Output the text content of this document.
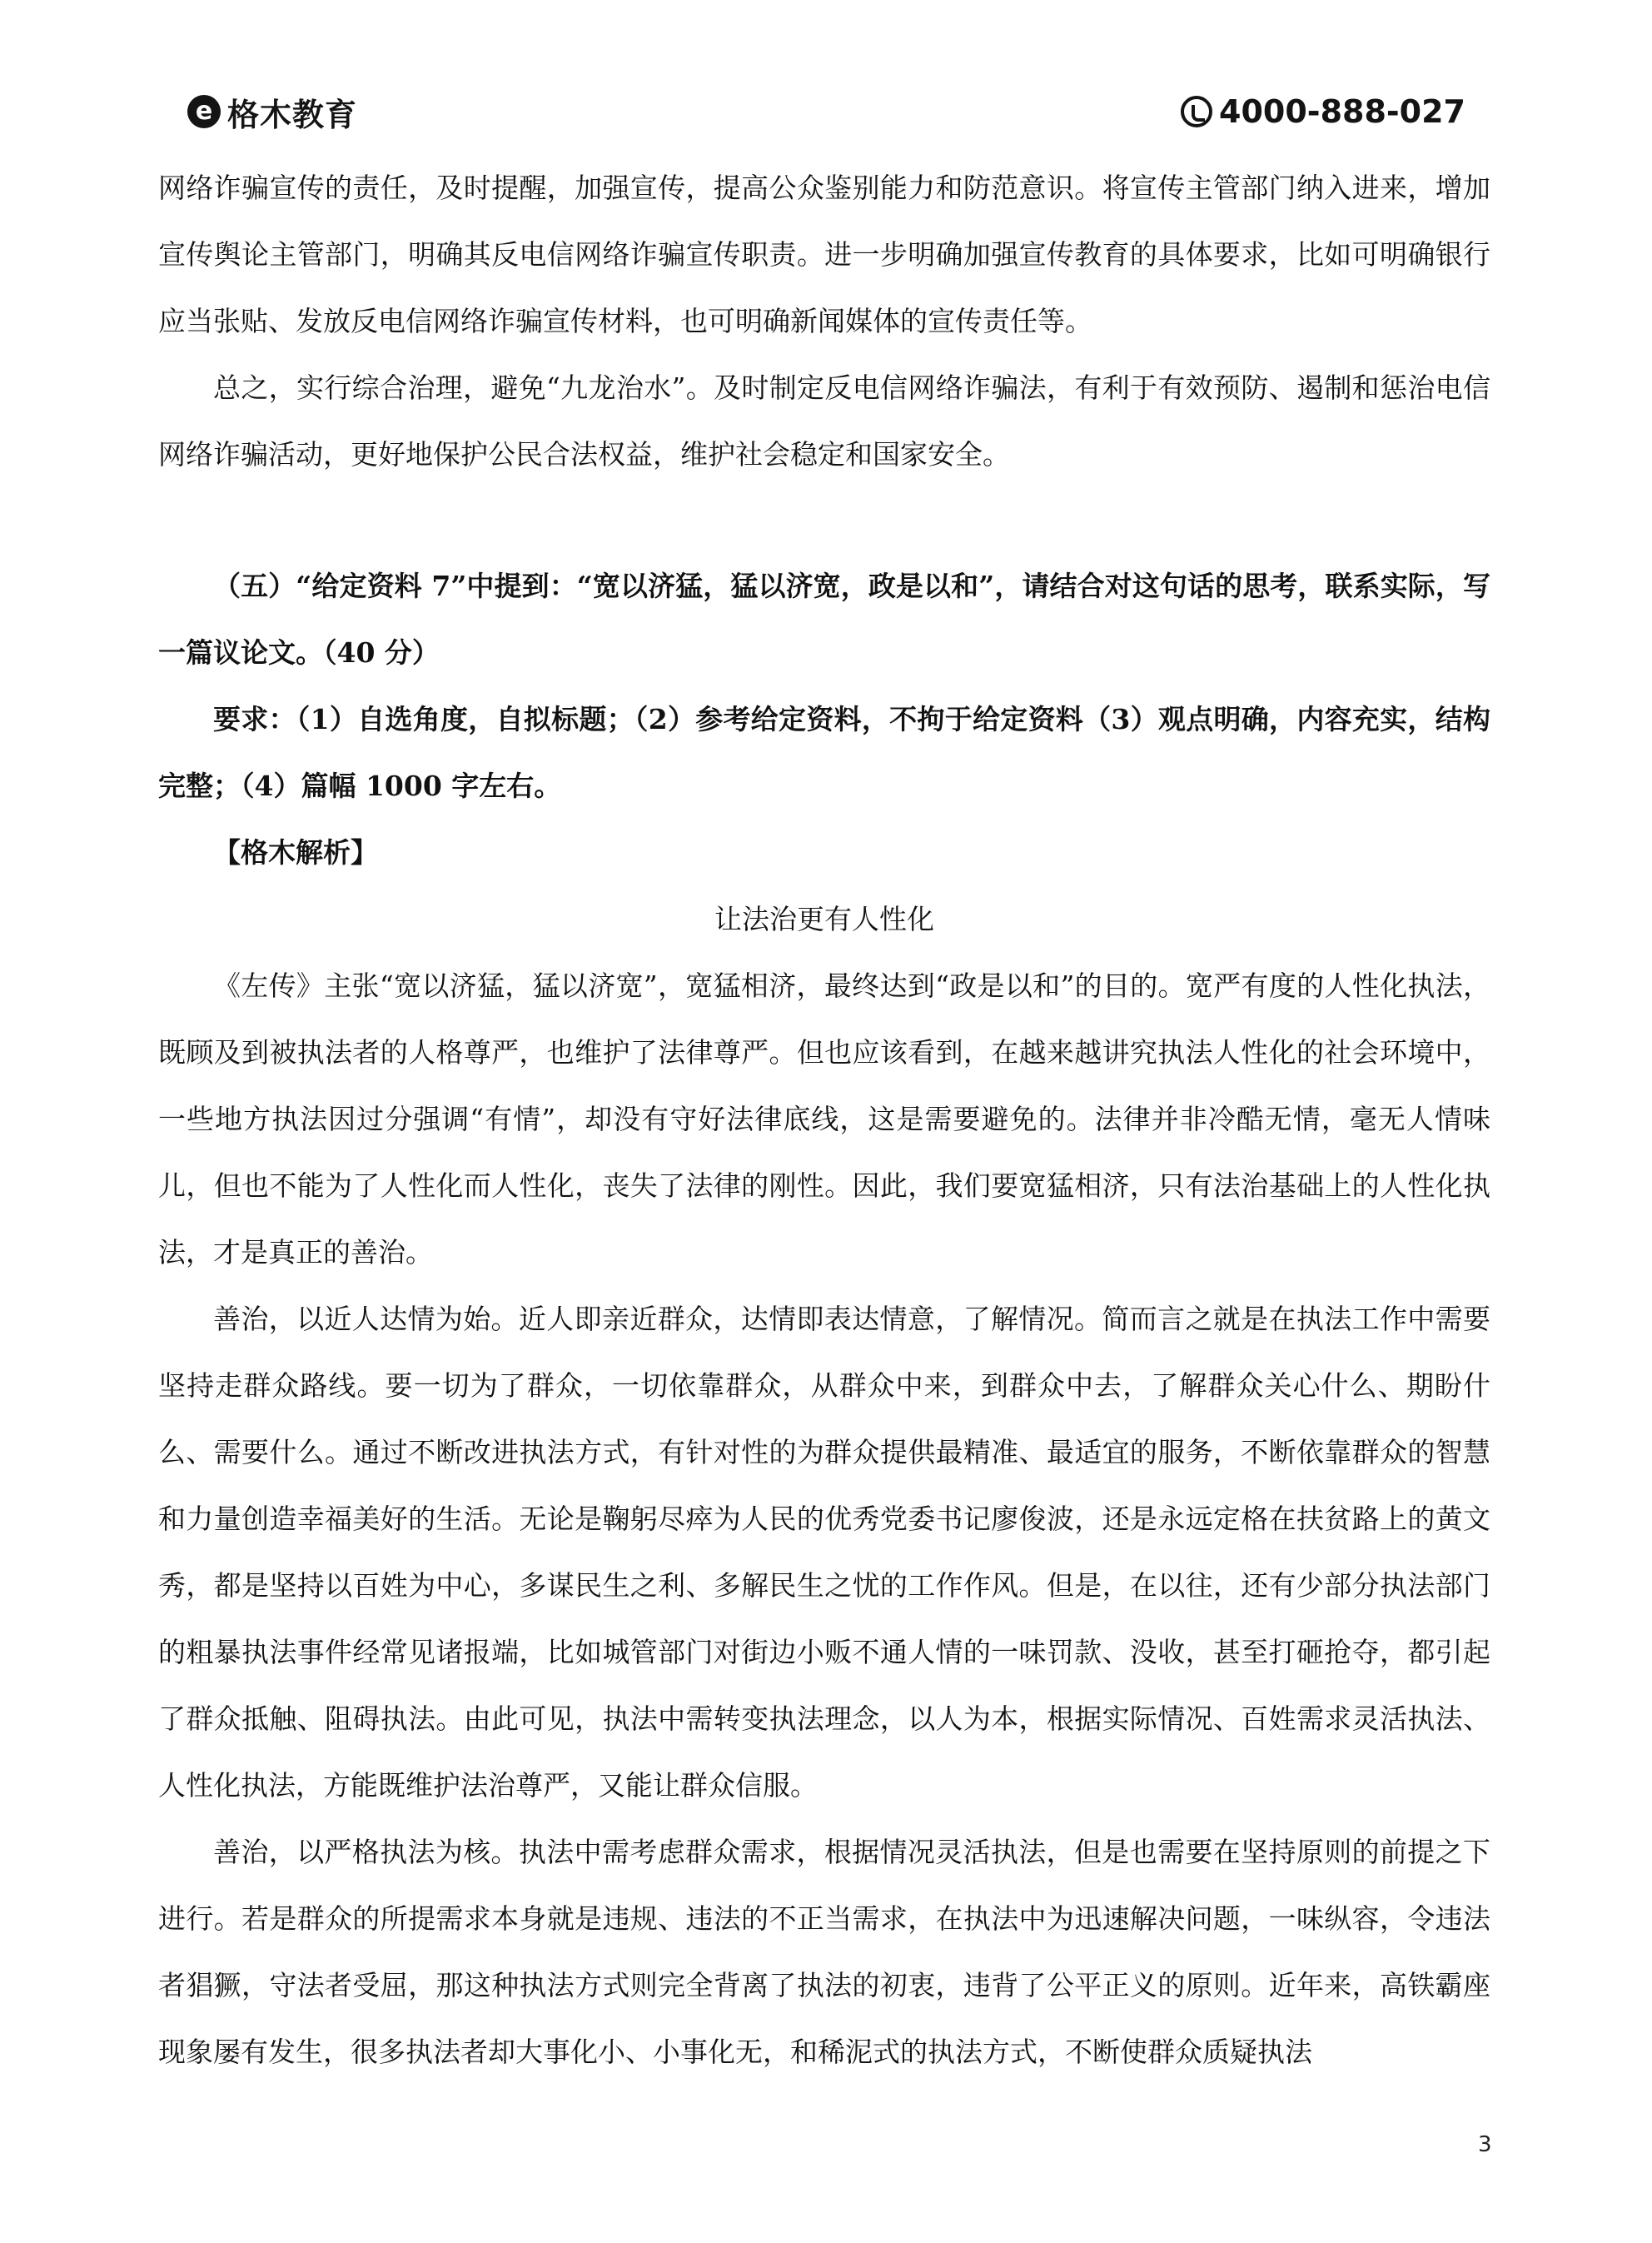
e 格木教育	4000-888-027

网络诈骗宣传的责任，及时提醒，加强宣传，提高公众鉴别能力和防范意识。将宣传主管部门纳入进来，增加宣传舆论主管部门，明确其反电信网络诈骗宣传职责。进一步明确加强宣传教育的具体要求，比如可明确银行应当张贴、发放反电信网络诈骗宣传材料，也可明确新闻媒体的宣传责任等。

总之，实行综合治理，避免“九龙治水”。及时制定反电信网络诈骗法，有利于有效预防、遏制和惩治电信网络诈骗活动，更好地保护公民合法权益，维护社会稳定和国家安全。

（五）“给定资料 7”中提到：“宽以济猛，猛以济宽，政是以和”，请结合对这句话的思考，联系实际，写一篇议论文。（40 分）

要求：（1）自选角度，自拟标题；（2）参考给定资料，不拘于给定资料（3）观点明确，内容充实，结构完整；（4）篇幅 1000 字左右。

【格木解析】

让法治更有人性化

《左传》主张“宽以济猛，猛以济宽”，宽猛相济，最终达到“政是以和”的目的。宽严有度的人性化执法，既顾及到被执法者的人格尊严，也维护了法律尊严。但也应该看到，在越来越讲究执法人性化的社会环境中，一些地方执法因过分强调“有情”，却没有守好法律底线，这是需要避免的。法律并非冷酷无情，毫无人情味儿，但也不能为了人性化而人性化，丧失了法律的刚性。因此，我们要宽猛相济，只有法治基础上的人性化执法，才是真正的善治。

善治，以近人达情为始。近人即亲近群众，达情即表达情意，了解情况。简而言之就是在执法工作中需要坚持走群众路线。要一切为了群众，一切依靠群众，从群众中来，到群众中去，了解群众关心什么、期盼什么、需要什么。通过不断改进执法方式，有针对性的为群众提供最精准、最适宜的服务，不断依靠群众的智慧和力量创造幸福美好的生活。无论是鞠躬尽瘁为人民的优秀党委书记廖俊波，还是永远定格在扶贫路上的黄文秀，都是坚持以百姓为中心，多谋民生之利、多解民生之忧的工作作风。但是，在以往，还有少部分执法部门的粗暴执法事件经常见诸报端，比如城管部门对街边小贩不通人情的一味罚款、没收，甚至打砸抢夺，都引起了群众抵触、阻碍执法。由此可见，执法中需转变执法理念，以人为本，根据实际情况、百姓需求灵活执法、人性化执法，方能既维护法治尊严，又能让群众信服。

善治，以严格执法为核。执法中需考虑群众需求，根据情况灵活执法，但是也需要在坚持原则的前提之下进行。若是群众的所提需求本身就是违规、违法的不正当需求，在执法中为迅速解决问题，一味纵容，令违法者猖獗，守法者受屈，那这种执法方式则完全背离了执法的初衷，违背了公平正义的原则。近年来，高铁霸座现象屡有发生，很多执法者却大事化小、小事化无，和稀泥式的执法方式，不断使群众质疑执法

3
